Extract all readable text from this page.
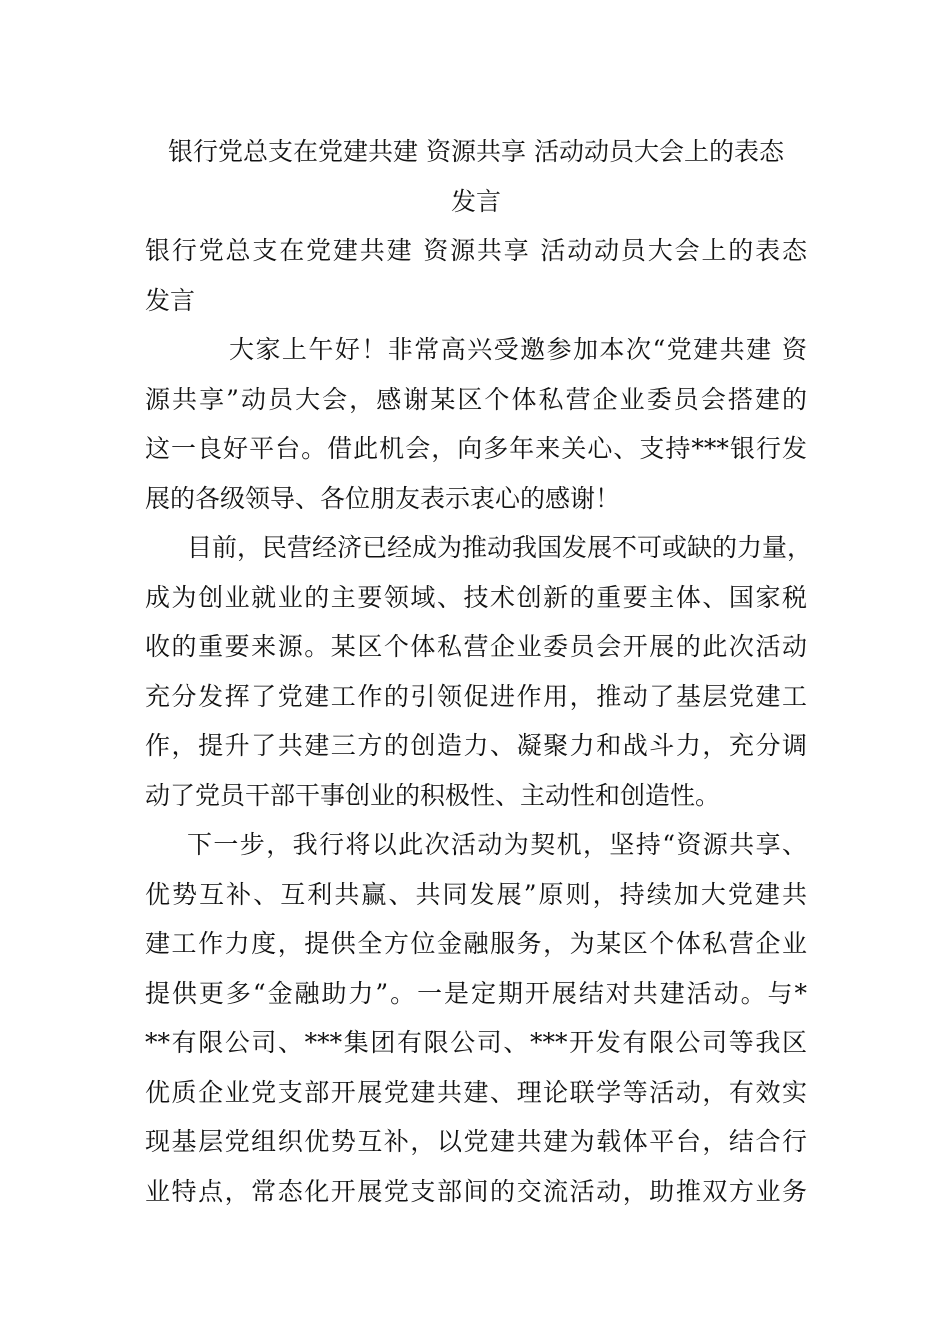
银行党总支在党建共建 资源共享 活动动员大会上的表态
发言
银行党总支在党建共建 资源共享 活动动员大会上的表态
发言
大家上午好！非常高兴受邀参加本次“党建共建 资
源共享”动员大会，感谢某区个体私营企业委员会搭建的
这一良好平台。借此机会，向多年来关心、支持***银行发
展的各级领导、各位朋友表示衷心的感谢！
目前，民营经济已经成为推动我国发展不可或缺的力量，
成为创业就业的主要领域、技术创新的重要主体、国家税
收的重要来源。某区个体私营企业委员会开展的此次活动
充分发挥了党建工作的引领促进作用，推动了基层党建工
作，提升了共建三方的创造力、凝聚力和战斗力，充分调
动了党员干部干事创业的积极性、主动性和创造性。
下一步，我行将以此次活动为契机，坚持“资源共享、
优势互补、互利共赢、共同发展”原则，持续加大党建共
建工作力度，提供全方位金融服务，为某区个体私营企业
提供更多“金融助力”。一是定期开展结对共建活动。与*
**有限公司、***集团有限公司、***开发有限公司等我区
优质企业党支部开展党建共建、理论联学等活动，有效实
现基层党组织优势互补，以党建共建为载体平台，结合行
业特点，常态化开展党支部间的交流活动，助推双方业务
